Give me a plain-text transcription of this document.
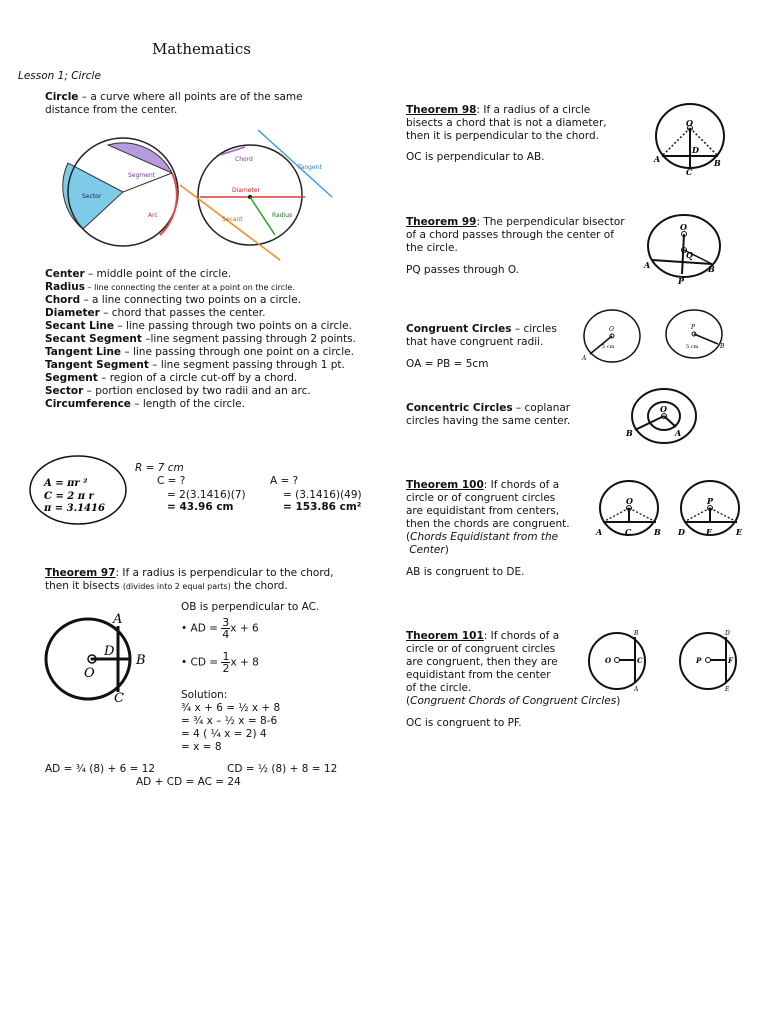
Mathematics
Lesson 1; Circle
Circle – a curve where all points are of the same distance from the center.
Sector
Segment
Arc
Chord
Tangent
Diameter
Radius
Secant
Center – middle point of the circle.
Radius – line connecting the center at a point on the circle.
Chord – a line connecting two points on a circle.
Diameter – chord that passes the center.
Secant Line – line passing through two points on a circle.
Secant Segment –line segment passing through 2 points.
Tangent Line – line passing through one point on a circle.
Tangent Segment – line segment passing through 1 pt.
Segment – region of a circle cut-off by a chord.
Sector – portion enclosed by two radii and an arc.
Circumference – length of the circle.
A = πr ²
C = 2 π r
π = 3.1416
R = 7 cm
C = ?	A = ?
= 2(3.1416)(7)	= (3.1416)(49)
= 43.96 cm	= 153.86 cm²
Theorem 97: If a radius is perpendicular to the chord,
then it bisects (divides into 2 equal parts) the chord.
A
B
C
D
O
OB is perpendicular to AC.
• AD = $\frac{3}{4}$ x + 6
• CD = $\frac{1}{2}$ x + 8
Solution:
¾ x + 6 = ½ x + 8
= ¾ x – ½ x = 8-6
= 4 ( ¼ x = 2) 4
= x = 8
AD = ¾ (8) + 6 = 12	CD = ½ (8) + 8 = 12
AD + CD = AC = 24
Theorem 98: If a radius of a circle
bisects a chord that is not a diameter,
then it is perpendicular to the chord.
OC is perpendicular to AB.
O
D
A	B
C
Theorem 99: The perpendicular bisector
of a chord passes through the center of
the circle.
PQ passes through O.
O
Q
A	B
P
Congruent Circles – circles
that have congruent radii.
OA = PB = 5cm
O
A
5 cm
P
B
5 cm
Concentric Circles – coplanar
circles having the same center.
O
A
B
Theorem 100: If chords of a
circle or of congruent circles
are equidistant from centers,
then the chords are congruent.
(Chords Equidistant from the
Center)
AB is congruent to DE.
O
A	C	B
P
D	F	E
Theorem 101: If chords of a
circle or of congruent circles
are congruent, then they are
equidistant from the center
of the circle.
(Congruent Chords of Congruent Circles)
OC is congruent to PF.
O	C
B
A
P	F
D
E
